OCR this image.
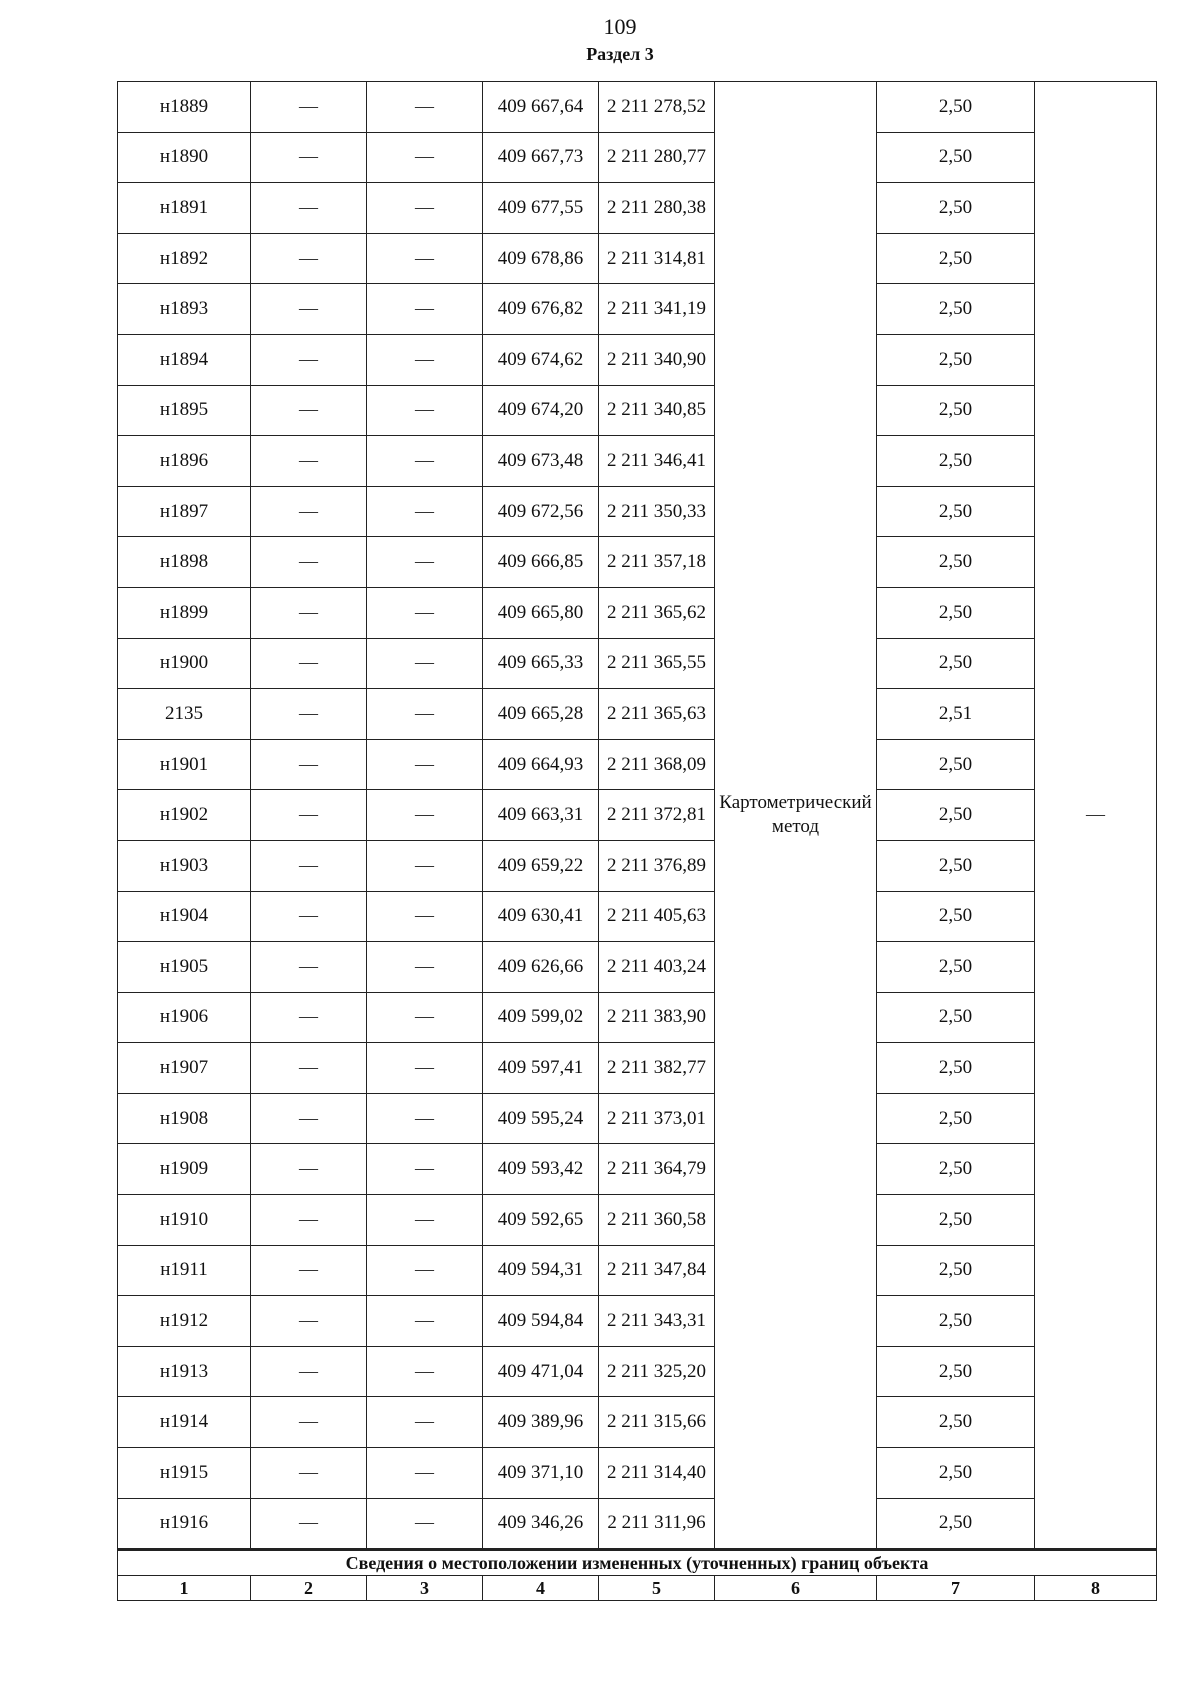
109
Раздел 3
н1889	—	—	409 667,64	2 211 278,52	Картометрический метод	2,50	—
н1890	—	—	409 667,73	2 211 280,77		2,50	
н1891	—	—	409 677,55	2 211 280,38		2,50	
н1892	—	—	409 678,86	2 211 314,81		2,50	
н1893	—	—	409 676,82	2 211 341,19		2,50	
н1894	—	—	409 674,62	2 211 340,90		2,50	
н1895	—	—	409 674,20	2 211 340,85		2,50	
н1896	—	—	409 673,48	2 211 346,41		2,50	
н1897	—	—	409 672,56	2 211 350,33		2,50	
н1898	—	—	409 666,85	2 211 357,18		2,50	
н1899	—	—	409 665,80	2 211 365,62		2,50	
н1900	—	—	409 665,33	2 211 365,55		2,50	
2135	—	—	409 665,28	2 211 365,63		2,51	
н1901	—	—	409 664,93	2 211 368,09		2,50	
н1902	—	—	409 663,31	2 211 372,81		2,50	
н1903	—	—	409 659,22	2 211 376,89		2,50	
н1904	—	—	409 630,41	2 211 405,63		2,50	
н1905	—	—	409 626,66	2 211 403,24		2,50	
н1906	—	—	409 599,02	2 211 383,90		2,50	
н1907	—	—	409 597,41	2 211 382,77		2,50	
н1908	—	—	409 595,24	2 211 373,01		2,50	
н1909	—	—	409 593,42	2 211 364,79		2,50	
н1910	—	—	409 592,65	2 211 360,58		2,50	
н1911	—	—	409 594,31	2 211 347,84		2,50	
н1912	—	—	409 594,84	2 211 343,31		2,50	
н1913	—	—	409 471,04	2 211 325,20		2,50	
н1914	—	—	409 389,96	2 211 315,66		2,50	
н1915	—	—	409 371,10	2 211 314,40		2,50	
н1916	—	—	409 346,26	2 211 311,96		2,50	
Сведения о местоположении измененных (уточненных) границ объекта							
1	2	3	4	5	6	7	8
